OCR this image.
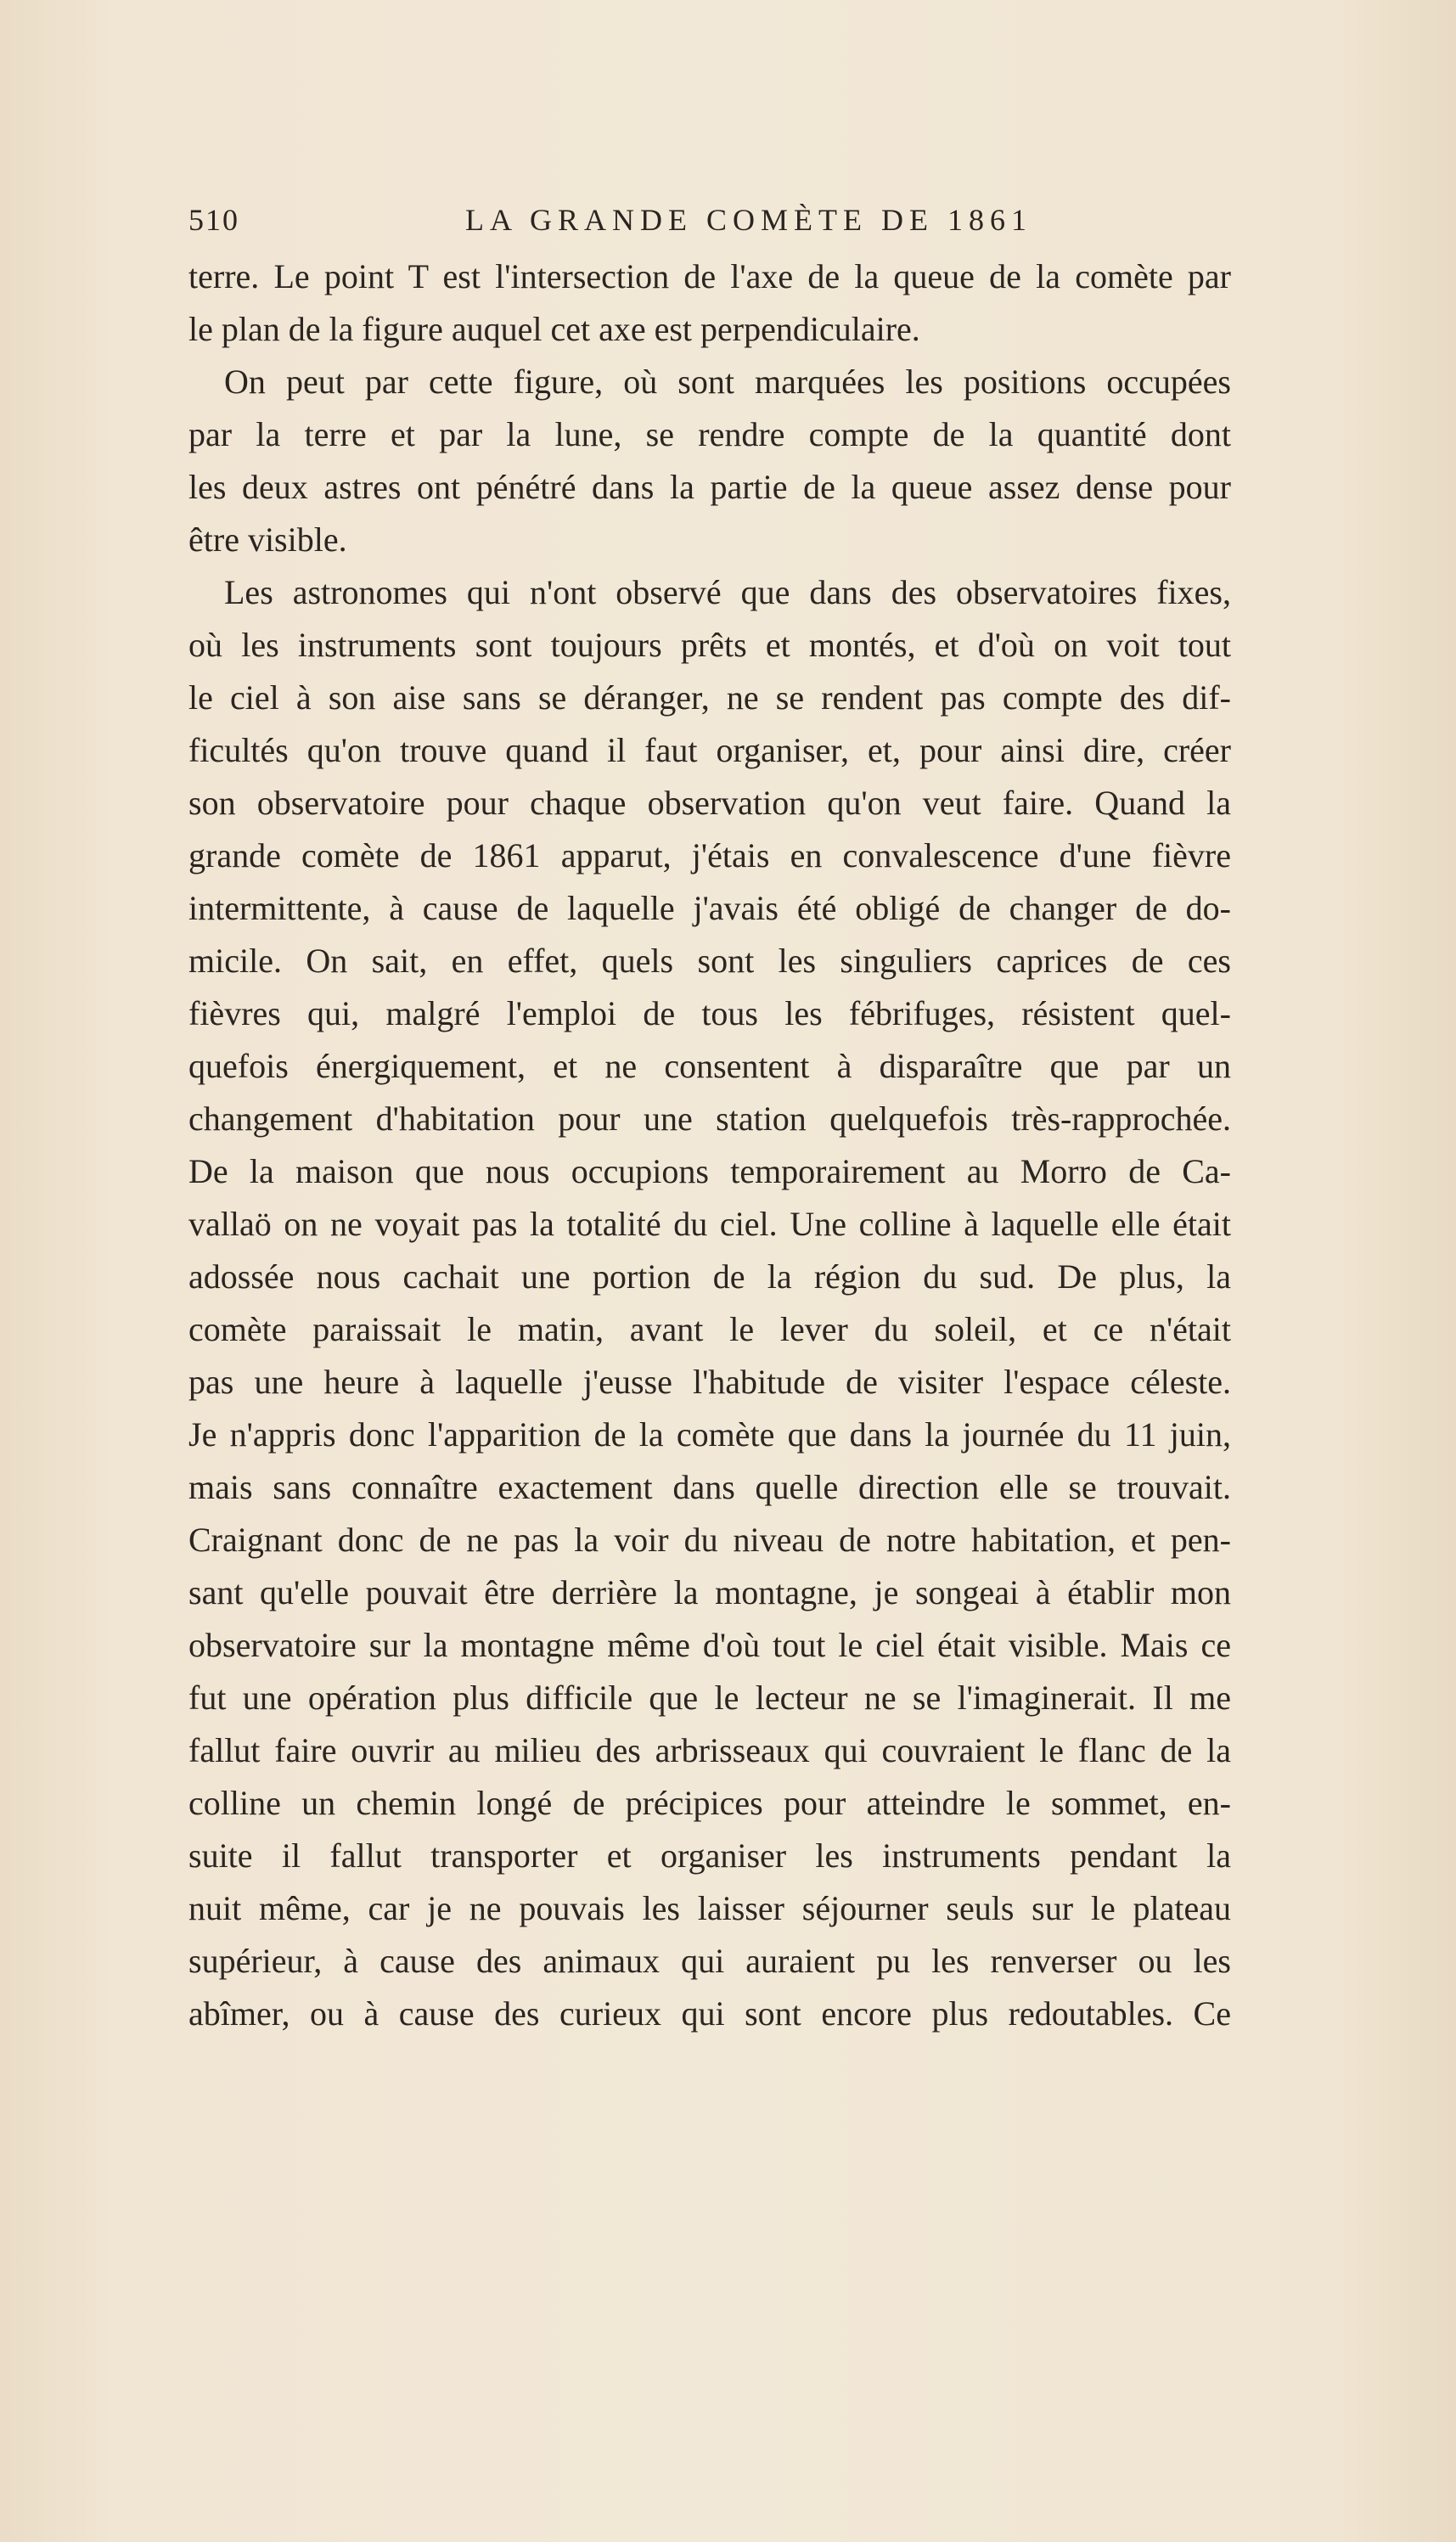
510	LA GRANDE COMÈTE DE 1861
terre. Le point T est l'intersection de l'axe de la queue de la comète par
le plan de la figure auquel cet axe est perpendiculaire.
On peut par cette figure, où sont marquées les positions occupées
par la terre et par la lune, se rendre compte de la quantité dont
les deux astres ont pénétré dans la partie de la queue assez dense pour
être visible.
Les astronomes qui n'ont observé que dans des observatoires fixes,
où les instruments sont toujours prêts et montés, et d'où on voit tout
le ciel à son aise sans se déranger, ne se rendent pas compte des dif-
ficultés qu'on trouve quand il faut organiser, et, pour ainsi dire, créer
son observatoire pour chaque observation qu'on veut faire. Quand la
grande comète de 1861 apparut, j'étais en convalescence d'une fièvre
intermittente, à cause de laquelle j'avais été obligé de changer de do-
micile. On sait, en effet, quels sont les singuliers caprices de ces
fièvres qui, malgré l'emploi de tous les fébrifuges, résistent quel-
quefois énergiquement, et ne consentent à disparaître que par un
changement d'habitation pour une station quelquefois très-rapprochée.
De la maison que nous occupions temporairement au Morro de Ca-
vallaö on ne voyait pas la totalité du ciel. Une colline à laquelle elle était
adossée nous cachait une portion de la région du sud. De plus, la
comète paraissait le matin, avant le lever du soleil, et ce n'était
pas une heure à laquelle j'eusse l'habitude de visiter l'espace céleste.
Je n'appris donc l'apparition de la comète que dans la journée du 11 juin,
mais sans connaître exactement dans quelle direction elle se trouvait.
Craignant donc de ne pas la voir du niveau de notre habitation, et pen-
sant qu'elle pouvait être derrière la montagne, je songeai à établir mon
observatoire sur la montagne même d'où tout le ciel était visible. Mais ce
fut une opération plus difficile que le lecteur ne se l'imaginerait. Il me
fallut faire ouvrir au milieu des arbrisseaux qui couvraient le flanc de la
colline un chemin longé de précipices pour atteindre le sommet, en-
suite il fallut transporter et organiser les instruments pendant la
nuit même, car je ne pouvais les laisser séjourner seuls sur le plateau
supérieur, à cause des animaux qui auraient pu les renverser ou les
abîmer, ou à cause des curieux qui sont encore plus redoutables. Ce
